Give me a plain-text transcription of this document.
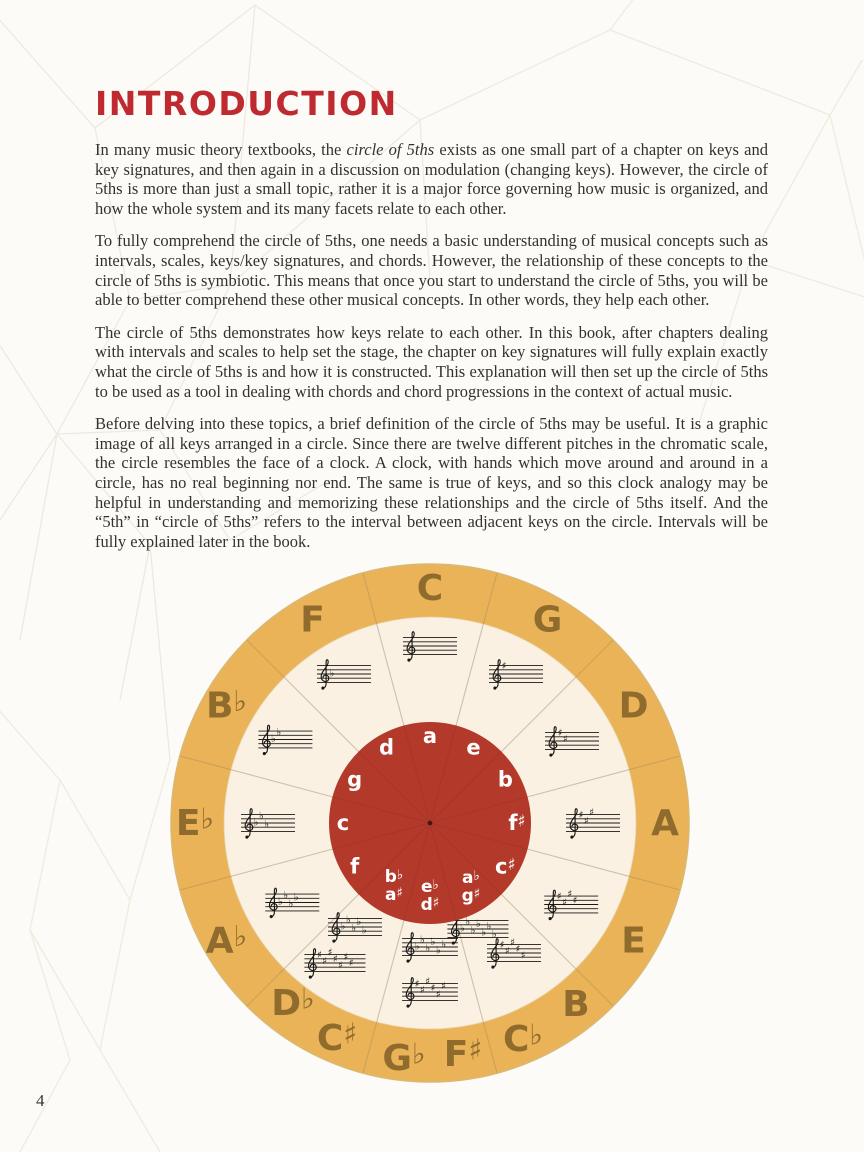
INTRODUCTION

In many music theory textbooks, the circle of 5ths exists as one small part of a chapter on keys and key signatures, and then again in a discussion on modulation (changing keys). However, the circle of 5ths is more than just a small topic, rather it is a major force governing how music is organized, and how the whole system and its many facets relate to each other.

To fully comprehend the circle of 5ths, one needs a basic understanding of musical concepts such as intervals, scales, keys/key signatures, and chords. However, the relationship of these concepts to the circle of 5ths is symbiotic. This means that once you start to understand the circle of 5ths, you will be able to better comprehend these other musical concepts. In other words, they help each other.

The circle of 5ths demonstrates how keys relate to each other. In this book, after chapters dealing with intervals and scales to help set the stage, the chapter on key signatures will fully explain exactly what the circle of 5ths is and how it is constructed. This explanation will then set up the circle of 5ths to be used as a tool in dealing with chords and chord progressions in the context of actual music.

Before delving into these topics, a brief definition of the circle of 5ths may be useful. It is a graphic image of all keys arranged in a circle. Since there are twelve different pitches in the chromatic scale, the circle resembles the face of a clock. A clock, with hands which move around and around in a circle, has no real beginning nor end. The same is true of keys, and so this clock analogy may be helpful in understanding and memorizing these relationships and the circle of 5ths itself. And the “5th” in “circle of 5ths” refers to the interval between adjacent keys on the circle. Intervals will be fully explained later in the book.

♯
♯
♯
♯
♯
♯
♯
♯
♯
♯
♭
♭
♭
♭
♭
♭
♭
♯
♯
♯
♯
♯
♭
♭
♭
♭
♭
♭
♯
♯
♯
♯
♯
♯
♭
♭
♭
♭
♭
♯
♯
♯
♯
♯
♯
♯
♭
♭
♭
♭
♭
♭
♭
♭
♭
♭
C
G
D
A
E
B
C♭
G♭ F♯
D♭
C♯
A♭
E♭
B♭
F
a e
b
f♯
c♯
a♭
g♯
e♭
d♯
b♭
a♯
f
c
g
d
4
